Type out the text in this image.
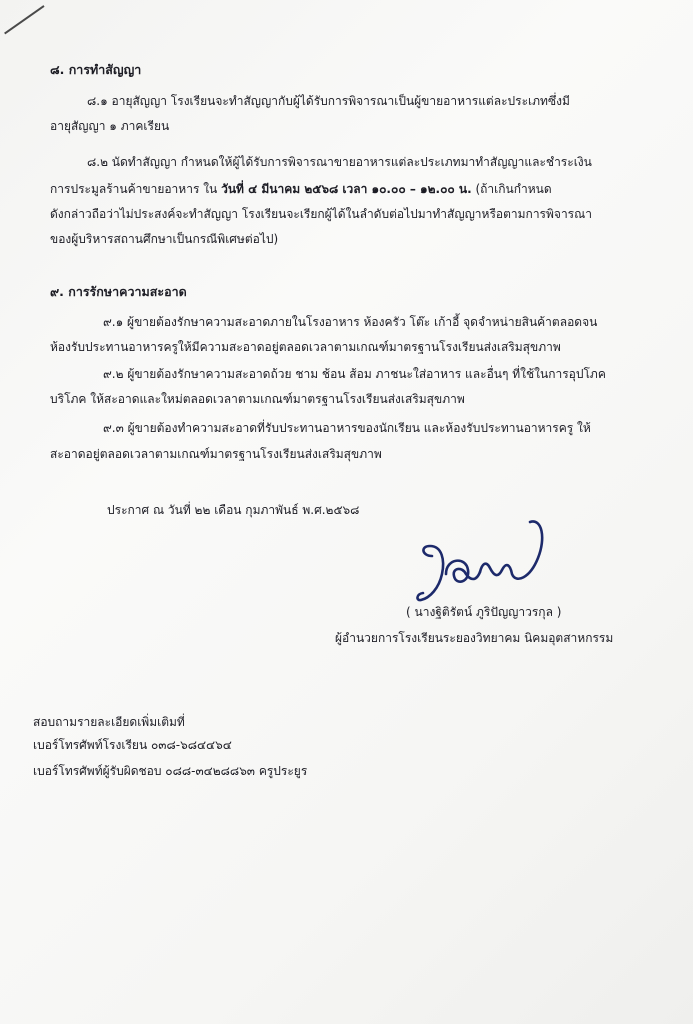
๘. การทำสัญญา
๘.๑ อายุสัญญา โรงเรียนจะทำสัญญากับผู้ได้รับการพิจารณาเป็นผู้ขายอาหารแต่ละประเภทซึ่งมี
อายุสัญญา ๑ ภาคเรียน
๘.๒ นัดทำสัญญา กำหนดให้ผู้ได้รับการพิจารณาขายอาหารแต่ละประเภทมาทำสัญญาและชำระเงิน
การประมูลร้านค้าขายอาหาร ใน วันที่ ๔ มีนาคม ๒๕๖๘ เวลา ๑๐.๐๐ – ๑๒.๐๐ น. (ถ้าเกินกำหนด
ดังกล่าวถือว่าไม่ประสงค์จะทำสัญญา โรงเรียนจะเรียกผู้ได้ในลำดับต่อไปมาทำสัญญาหรือตามการพิจารณา
ของผู้บริหารสถานศึกษาเป็นกรณีพิเศษต่อไป)
๙. การรักษาความสะอาด
๙.๑ ผู้ขายต้องรักษาความสะอาดภายในโรงอาหาร ห้องครัว โต๊ะ เก้าอี้ จุดจำหน่ายสินค้าตลอดจน
ห้องรับประทานอาหารครูให้มีความสะอาดอยู่ตลอดเวลาตามเกณฑ์มาตรฐานโรงเรียนส่งเสริมสุขภาพ
๙.๒ ผู้ขายต้องรักษาความสะอาดถ้วย ชาม ช้อน ส้อม ภาชนะใส่อาหาร และอื่นๆ ที่ใช้ในการอุปโภค
บริโภค ให้สะอาดและใหม่ตลอดเวลาตามเกณฑ์มาตรฐานโรงเรียนส่งเสริมสุขภาพ
๙.๓ ผู้ขายต้องทำความสะอาดที่รับประทานอาหารของนักเรียน และห้องรับประทานอาหารครู ให้
สะอาดอยู่ตลอดเวลาตามเกณฑ์มาตรฐานโรงเรียนส่งเสริมสุขภาพ
ประกาศ ณ วันที่ ๒๒ เดือน กุมภาพันธ์ พ.ศ.๒๕๖๘
( นางฐิติรัตน์ ภูริปัญญาวรกุล )
ผู้อำนวยการโรงเรียนระยองวิทยาคม นิคมอุตสาหกรรม
สอบถามรายละเอียดเพิ่มเติมที่
เบอร์โทรศัพท์โรงเรียน ๐๓๘-๖๘๔๔๖๔
เบอร์โทรศัพท์ผู้รับผิดชอบ ๐๘๘-๓๔๒๘๘๖๓ ครูประยูร
